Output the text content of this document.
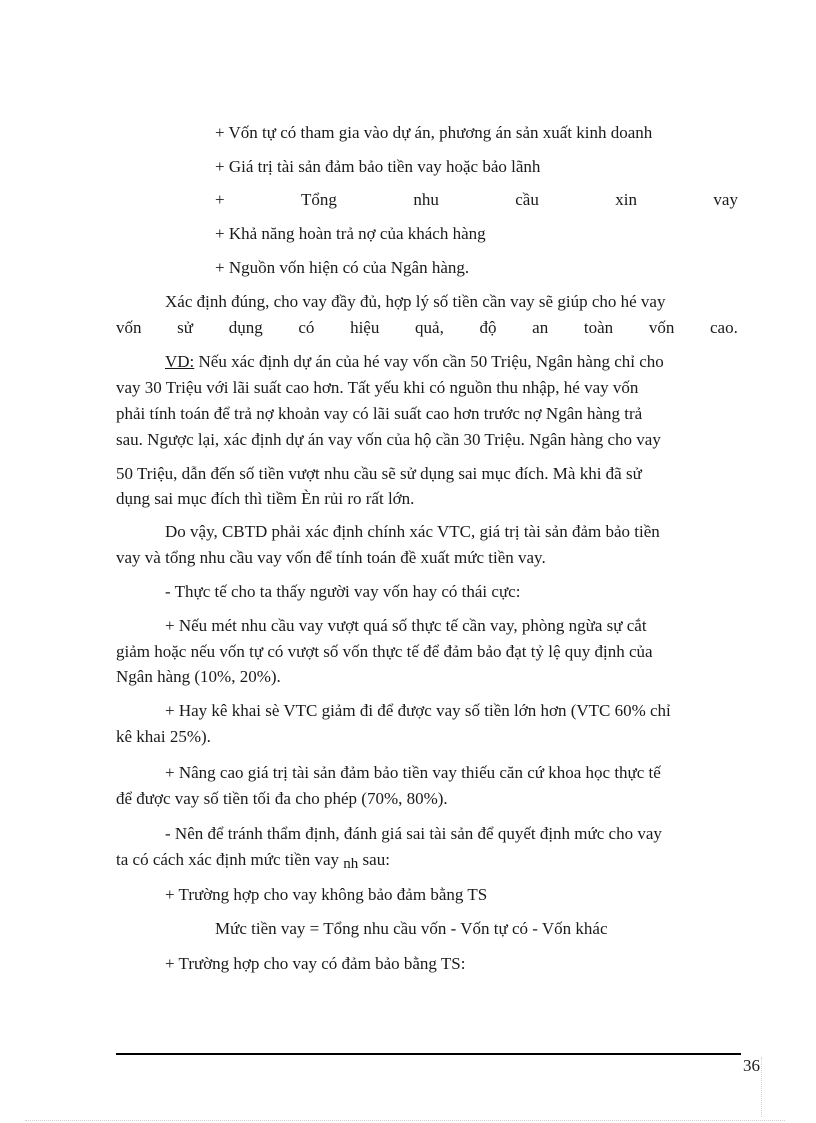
+ Vốn tự có tham gia vào dự án, phương án sản xuất kinh doanh
+ Giá trị tài sản đảm bảo tiền vay hoặc bảo lãnh
+	Tổng	nhu	cầu	xin	vay
+ Khả năng hoàn trả nợ của khách hàng
+ Nguồn vốn hiện có của Ngân hàng.
Xác định đúng, cho vay đầy đủ, hợp lý số tiền cần vay sẽ giúp cho hé vay
vốn sử dụng có hiệu quả, độ an toàn vốn cao.
VD: Nếu xác định dự án của hé vay vốn cần 50 Triệu, Ngân hàng chỉ cho
vay 30 Triệu với lãi suất cao hơn. Tất yếu khi có nguồn thu nhập, hé vay vốn
phải tính toán để trả nợ khoản vay có lãi suất cao hơn trước nợ Ngân hàng trả
sau. Ngược lại, xác định dự án vay vốn của hộ cần 30 Triệu. Ngân hàng cho vay
50 Triệu, dẫn đến số tiền vượt nhu cầu sẽ sử dụng sai mục đích. Mà khi đã sử
dụng sai mục đích thì tiềm Èn rủi ro rất lớn.
Do vậy, CBTD phải xác định chính xác VTC, giá trị tài sản đảm bảo tiền
vay và tổng nhu cầu vay vốn để tính toán đề xuất mức tiền vay.
- Thực tế cho ta thấy người vay vốn hay có thái cực:
+ Nếu mét nhu cầu vay vượt quá số thực tế cần vay, phòng ngừa sự cắt
giảm hoặc nếu vốn tự có vượt số vốn thực tế để đảm bảo đạt tỷ lệ quy định của
Ngân hàng (10%, 20%).
+ Hay kê khai sè VTC giảm đi để được vay số tiền lớn hơn (VTC 60% chỉ
kê khai 25%).
+ Nâng cao giá trị tài sản đảm bảo tiền vay thiếu căn cứ khoa học thực tế
để được vay số tiền tối đa cho phép (70%, 80%).
- Nên để tránh thẩm định, đánh giá sai tài sản để quyết định mức cho vay
ta có cách xác định mức tiền vay nh sau:
+ Trường hợp cho vay không bảo đảm bằng TS
Mức tiền vay = Tổng nhu cầu vốn - Vốn tự có - Vốn khác
+ Trường hợp cho vay có đảm bảo bằng TS:
36
